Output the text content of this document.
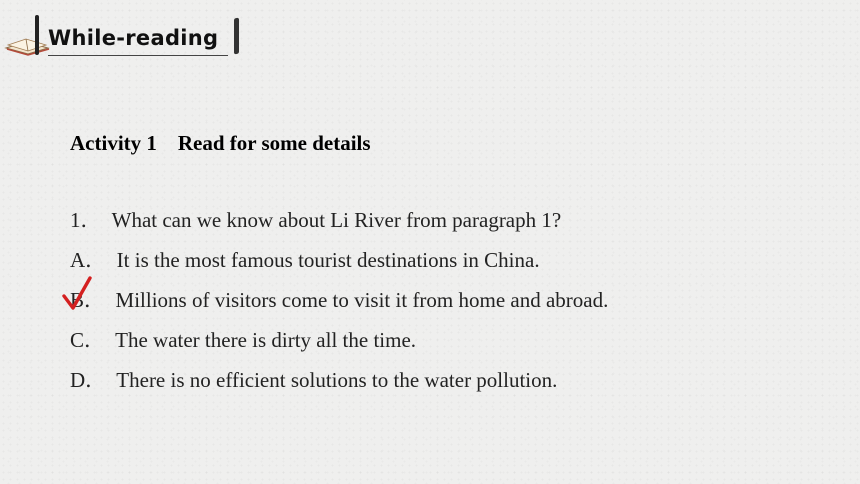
While-reading
Activity 1    Read for some details
1．  What can we know about Li River from paragraph 1?
A．  It is the most famous tourist destinations in China.
B．  Millions of visitors come to visit it from home and abroad.
C．  The water there is dirty all the time.
D．  There is no efficient solutions to the water pollution.
